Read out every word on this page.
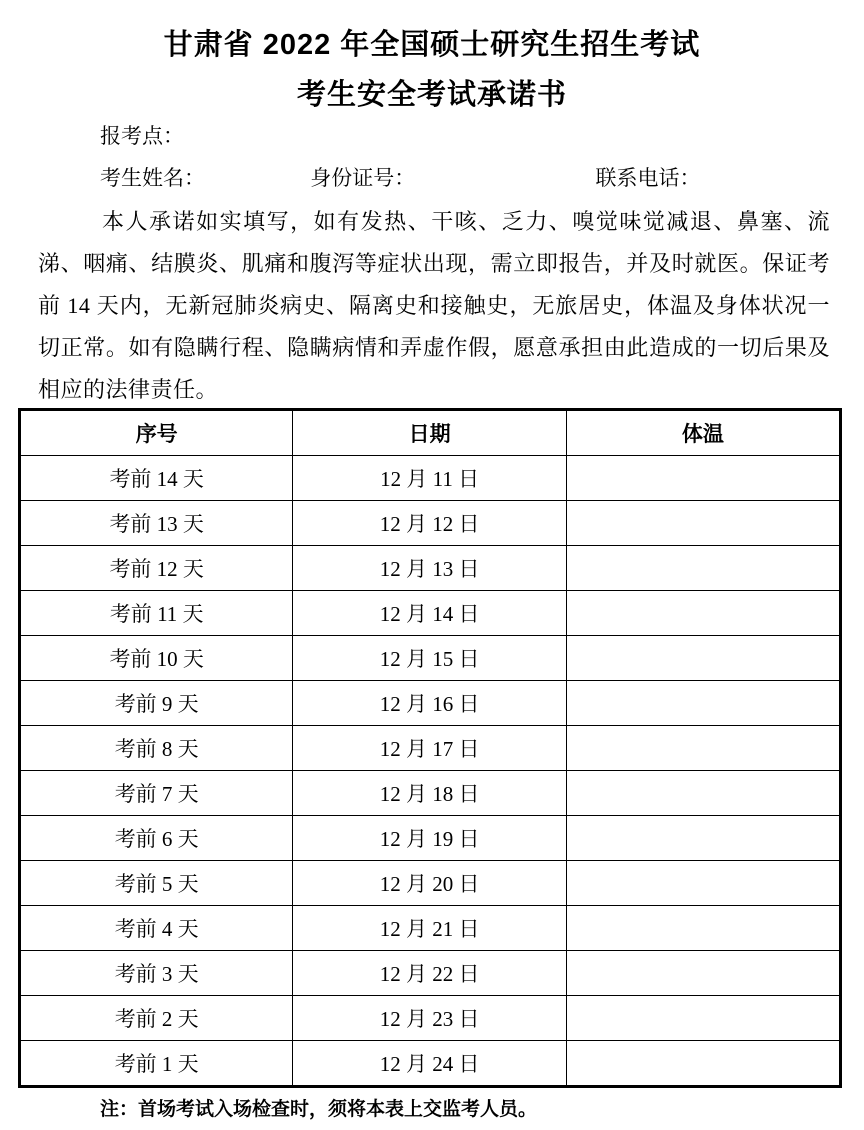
甘肃省 2022 年全国硕士研究生招生考试
考生安全考试承诺书
报考点：
考生姓名：	身份证号：	联系电话：
本人承诺如实填写，如有发热、干咳、乏力、嗅觉味觉减退、鼻塞、流涕、咽痛、结膜炎、肌痛和腹泻等症状出现，需立即报告，并及时就医。保证考前 14 天内，无新冠肺炎病史、隔离史和接触史，无旅居史，体温及身体状况一切正常。如有隐瞒行程、隐瞒病情和弄虚作假，愿意承担由此造成的一切后果及相应的法律责任。
序号	日期	体温
考前 14 天	12 月 11 日	
考前 13 天	12 月 12 日	
考前 12 天	12 月 13 日	
考前 11 天	12 月 14 日	
考前 10 天	12 月 15 日	
考前 9 天	12 月 16 日	
考前 8 天	12 月 17 日	
考前 7 天	12 月 18 日	
考前 6 天	12 月 19 日	
考前 5 天	12 月 20 日	
考前 4 天	12 月 21 日	
考前 3 天	12 月 22 日	
考前 2 天	12 月 23 日	
考前 1 天	12 月 24 日	
注：首场考试入场检查时，须将本表上交监考人员。
